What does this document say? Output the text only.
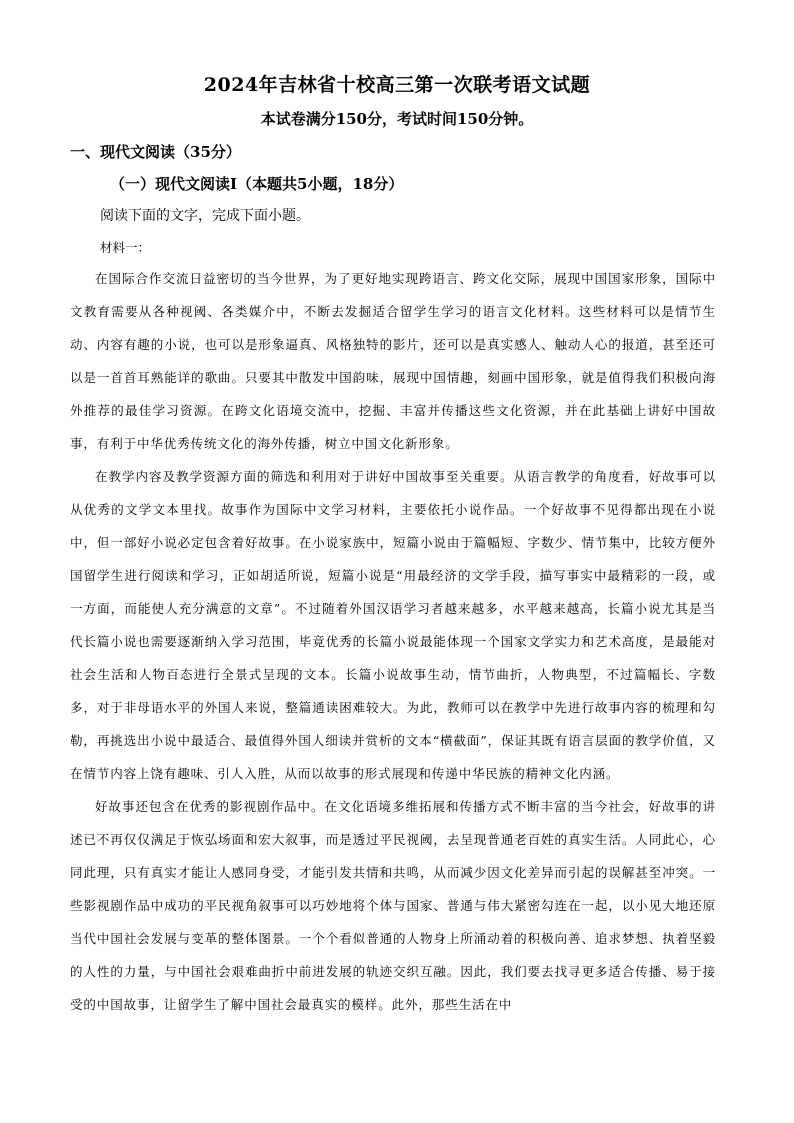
2024年吉林省十校高三第一次联考语文试题
本试卷满分150分，考试时间150分钟。
一、现代文阅读（35分）
（一）现代文阅读Ⅰ（本题共5小题，18分）
阅读下面的文字，完成下面小题。
材料一：

在国际合作交流日益密切的当今世界，为了更好地实现跨语言、跨文化交际，展现中国国家形象，国际中文教育需要从各种视阈、各类媒介中，不断去发掘适合留学生学习的语言文化材料。这些材料可以是情节生动、内容有趣的小说，也可以是形象逼真、风格独特的影片，还可以是真实感人、触动人心的报道，甚至还可以是一首首耳熟能详的歌曲。只要其中散发中国韵味，展现中国情趣，刻画中国形象，就是值得我们积极向海外推荐的最佳学习资源。在跨文化语境交流中，挖掘、丰富并传播这些文化资源，并在此基础上讲好中国故事，有利于中华优秀传统文化的海外传播，树立中国文化新形象。

在教学内容及教学资源方面的筛选和利用对于讲好中国故事至关重要。从语言教学的角度看，好故事可以从优秀的文学文本里找。故事作为国际中文学习材料，主要依托小说作品。一个好故事不见得都出现在小说中，但一部好小说必定包含着好故事。在小说家族中，短篇小说由于篇幅短、字数少、情节集中，比较方便外国留学生进行阅读和学习，正如胡适所说，短篇小说是“用最经济的文学手段，描写事实中最精彩的一段，或一方面，而能使人充分满意的文章”。不过随着外国汉语学习者越来越多，水平越来越高，长篇小说尤其是当代长篇小说也需要逐渐纳入学习范围，毕竟优秀的长篇小说最能体现一个国家文学实力和艺术高度，是最能对社会生活和人物百态进行全景式呈现的文本。长篇小说故事生动，情节曲折，人物典型，不过篇幅长、字数多，对于非母语水平的外国人来说，整篇通读困难较大。为此，教师可以在教学中先进行故事内容的梳理和勾勒，再挑选出小说中最适合、最值得外国人细读并赏析的文本“横截面”，保证其既有语言层面的教学价值，又在情节内容上饶有趣味、引人入胜，从而以故事的形式展现和传递中华民族的精神文化内涵。

好故事还包含在优秀的影视剧作品中。在文化语境多维拓展和传播方式不断丰富的当今社会，好故事的讲述已不再仅仅满足于恢弘场面和宏大叙事，而是透过平民视阈，去呈现普通老百姓的真实生活。人同此心，心同此理，只有真实才能让人感同身受，才能引发共情和共鸣，从而减少因文化差异而引起的误解甚至冲突。一些影视剧作品中成功的平民视角叙事可以巧妙地将个体与国家、普通与伟大紧密勾连在一起，以小见大地还原当代中国社会发展与变革的整体图景。一个个看似普通的人物身上所涌动着的积极向善、追求梦想、执着坚毅的人性的力量，与中国社会艰难曲折中前进发展的轨迹交织互融。因此，我们要去找寻更多适合传播、易于接受的中国故事，让留学生了解中国社会最真实的模样。此外，那些生活在中
